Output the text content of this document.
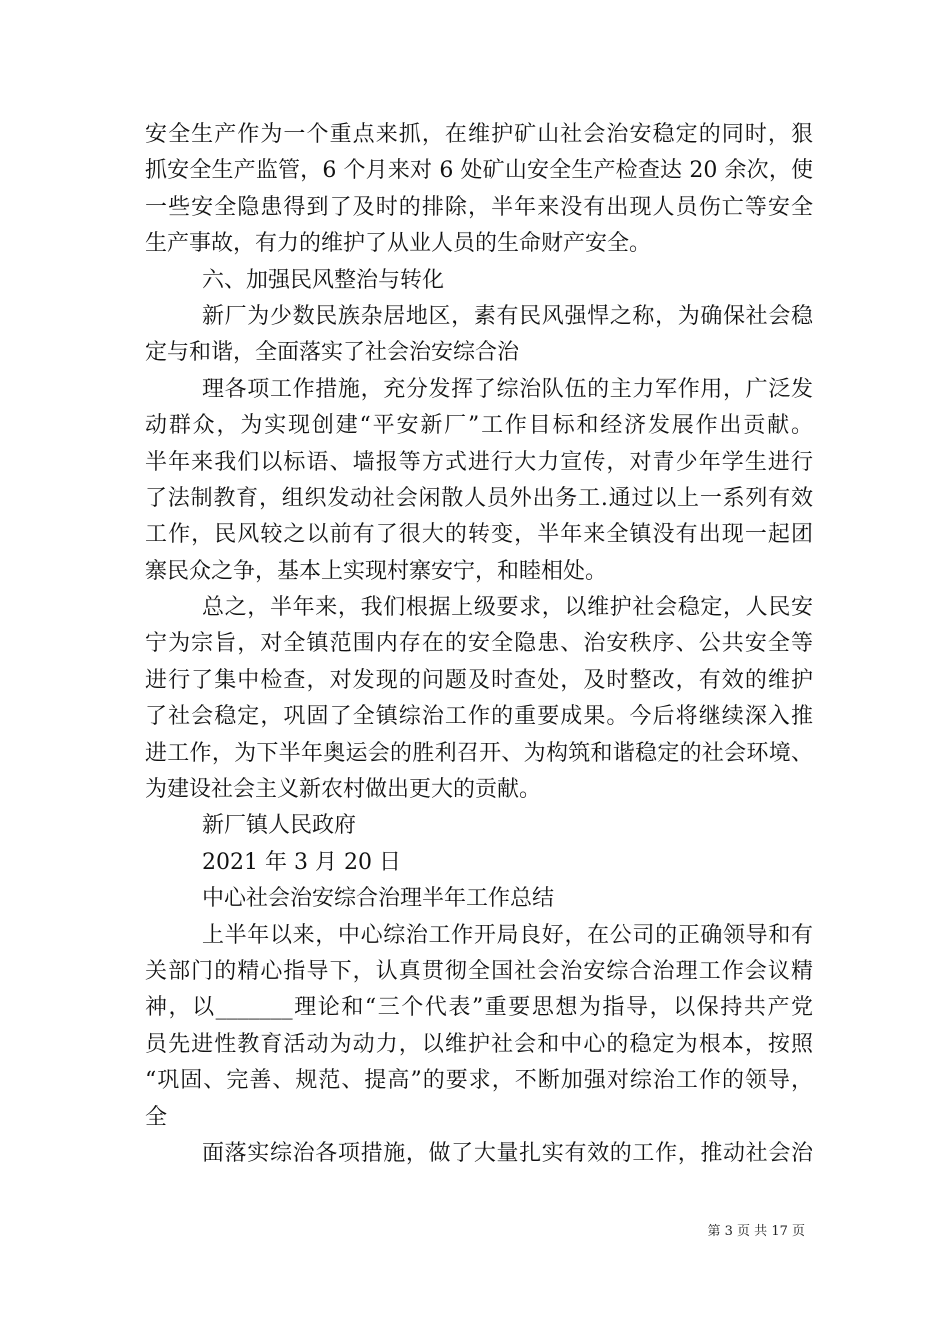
安全生产作为一个重点来抓，在维护矿山社会治安稳定的同时，狠
抓安全生产监管，6 个月来对 6 处矿山安全生产检查达 20 余次，使
一些安全隐患得到了及时的排除，半年来没有出现人员伤亡等安全
生产事故，有力的维护了从业人员的生命财产安全。
六、加强民风整治与转化
新厂为少数民族杂居地区，素有民风强悍之称，为确保社会稳
定与和谐，全面落实了社会治安综合治
理各项工作措施，充分发挥了综治队伍的主力军作用，广泛发
动群众，为实现创建“平安新厂”工作目标和经济发展作出贡献。
半年来我们以标语、墙报等方式进行大力宣传，对青少年学生进行
了法制教育，组织发动社会闲散人员外出务工.通过以上一系列有效
工作，民风较之以前有了很大的转变，半年来全镇没有出现一起团
寨民众之争，基本上实现村寨安宁，和睦相处。
总之，半年来，我们根据上级要求，以维护社会稳定，人民安
宁为宗旨，对全镇范围内存在的安全隐患、治安秩序、公共安全等
进行了集中检查，对发现的问题及时查处，及时整改，有效的维护
了社会稳定，巩固了全镇综治工作的重要成果。今后将继续深入推
进工作，为下半年奥运会的胜利召开、为构筑和谐稳定的社会环境、
为建设社会主义新农村做出更大的贡献。
新厂镇人民政府
2021 年 3 月 20 日
中心社会治安综合治理半年工作总结
上半年以来，中心综治工作开局良好，在公司的正确领导和有
关部门的精心指导下，认真贯彻全国社会治安综合治理工作会议精
神，以_______理论和“三个代表”重要思想为指导，以保持共产党
员先进性教育活动为动力，以维护社会和中心的稳定为根本，按照
“巩固、完善、规范、提高”的要求，不断加强对综治工作的领导，
全
面落实综治各项措施，做了大量扎实有效的工作，推动社会治
第 3 页 共 17 页
